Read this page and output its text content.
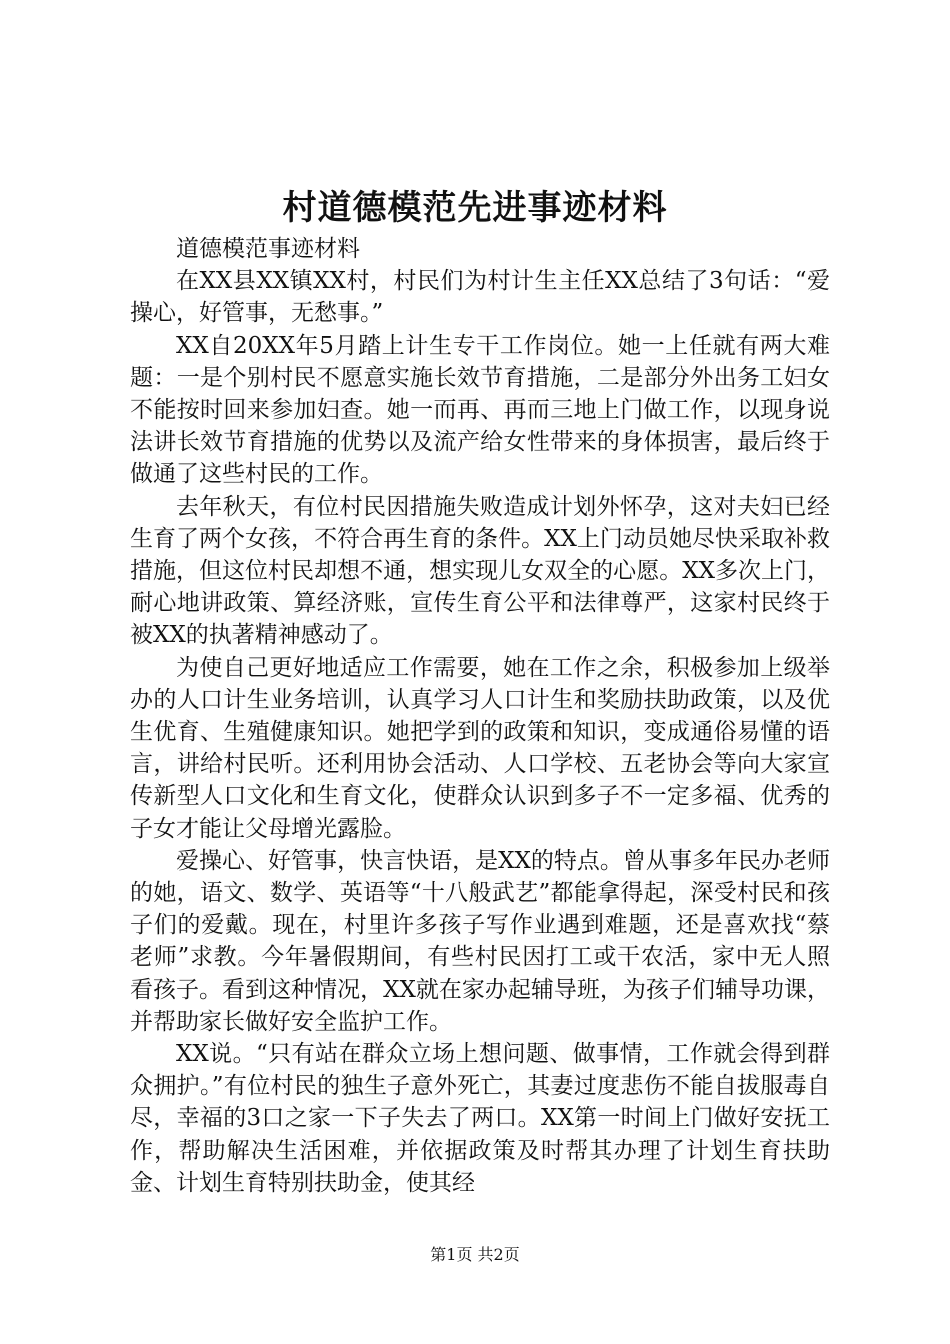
村道德模范先进事迹材料

道德模范事迹材料

在XX县XX镇XX村，村民们为村计生主任XX总结了3句话：“爱操心，好管事，无愁事。”

XX自20XX年5月踏上计生专干工作岗位。她一上任就有两大难题：一是个别村民不愿意实施长效节育措施，二是部分外出务工妇女不能按时回来参加妇查。她一而再、再而三地上门做工作，以现身说法讲长效节育措施的优势以及流产给女性带来的身体损害，最后终于做通了这些村民的工作。

去年秋天，有位村民因措施失败造成计划外怀孕，这对夫妇已经生育了两个女孩，不符合再生育的条件。XX上门动员她尽快采取补救措施，但这位村民却想不通，想实现儿女双全的心愿。XX多次上门，耐心地讲政策、算经济账，宣传生育公平和法律尊严，这家村民终于被XX的执著精神感动了。

为使自己更好地适应工作需要，她在工作之余，积极参加上级举办的人口计生业务培训，认真学习人口计生和奖励扶助政策，以及优生优育、生殖健康知识。她把学到的政策和知识，变成通俗易懂的语言，讲给村民听。还利用协会活动、人口学校、五老协会等向大家宣传新型人口文化和生育文化，使群众认识到多子不一定多福、优秀的子女才能让父母增光露脸。

爱操心、好管事，快言快语，是XX的特点。曾从事多年民办老师的她，语文、数学、英语等“十八般武艺”都能拿得起，深受村民和孩子们的爱戴。现在，村里许多孩子写作业遇到难题，还是喜欢找“蔡老师”求教。今年暑假期间，有些村民因打工或干农活，家中无人照看孩子。看到这种情况，XX就在家办起辅导班，为孩子们辅导功课，并帮助家长做好安全监护工作。

XX说。“只有站在群众立场上想问题、做事情，工作就会得到群众拥护。”有位村民的独生子意外死亡，其妻过度悲伤不能自拔服毒自尽，幸福的3口之家一下子失去了两口。XX第一时间上门做好安抚工作，帮助解决生活困难，并依据政策及时帮其办理了计划生育扶助金、计划生育特别扶助金，使其经

第1页 共2页
